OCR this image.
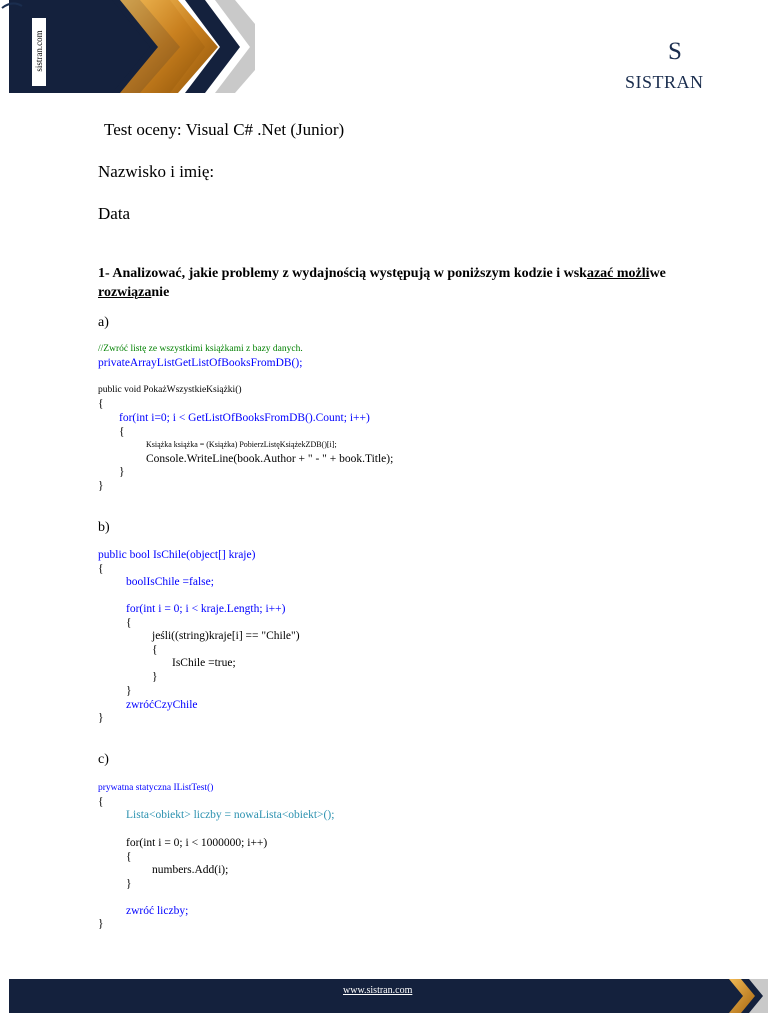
sistran.com	S
SISTRAN
Test oceny: Visual C# .Net (Junior)
Nazwisko i imię:
Data
1- Analizować, jakie problemy z wydajnością występują w poniższym kodzie i wskazać możliwe rozwiązanie
a)
//Zwróć listę ze wszystkimi książkami z bazy danych.
privateArrayListGetListOfBooksFromDB();
public void PokażWszystkieKsiążki()
{
for(int i=0; i < GetListOfBooksFromDB().Count; i++)
{
Książka książka = (Książka) PobierzListęKsiążekZDB()[i];
Console.WriteLine(book.Author + " - " + book.Title);
}
}
b)
public bool IsChile(object[] kraje)
{
boolIsChile =false;
for(int i = 0; i < kraje.Length; i++)
{
jeśli((string)kraje[i] == "Chile")
{
IsChile =true;
}
}
zwróćCzyChile
}
c)
prywatna statyczna IListTest()
{
Lista<obiekt> liczby = nowaLista<obiekt>();
for(int i = 0; i < 1000000; i++)
{
numbers.Add(i);
}
zwróć liczby;
}
www.sistran.com
